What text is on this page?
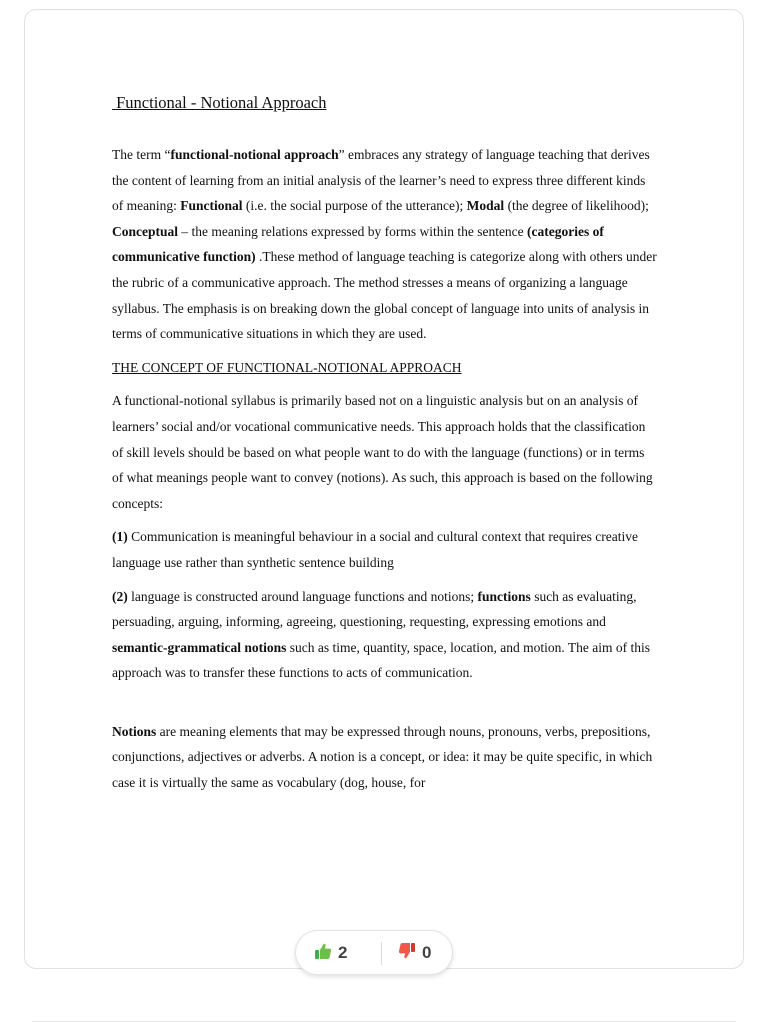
Functional - Notional Approach

The term “functional-notional approach” embraces any strategy of language teaching that derives the content of learning from an initial analysis of the learner’s need to express three different kinds of meaning: Functional (i.e. the social purpose of the utterance); Modal (the degree of likelihood); Conceptual – the meaning relations expressed by forms within the sentence (categories of communicative function) .These method of language teaching is categorize along with others under the rubric of a communicative approach. The method stresses a means of organizing a language syllabus. The emphasis is on breaking down the global concept of language into units of analysis in terms of communicative situations in which they are used.

THE CONCEPT OF FUNCTIONAL-NOTIONAL APPROACH

A functional-notional syllabus is primarily based not on a linguistic analysis but on an analysis of learners’ social and/or vocational communicative needs. This approach holds that the classification of skill levels should be based on what people want to do with the language (functions) or in terms of what meanings people want to convey (notions). As such, this approach is based on the following concepts:

(1) Communication is meaningful behaviour in a social and cultural context that requires creative language use rather than synthetic sentence building

(2) language is constructed around language functions and notions; functions such as evaluating, persuading, arguing, informing, agreeing, questioning, requesting, expressing emotions and semantic-grammatical notions such as time, quantity, space, location, and motion. The aim of this approach was to transfer these functions to acts of communication.

Notions are meaning elements that may be expressed through nouns, pronouns, verbs, prepositions, conjunctions, adjectives or adverbs. A notion is a concept, or idea: it may be quite specific, in which case it is virtually the same as vocabulary (dog, house, for

2	0
